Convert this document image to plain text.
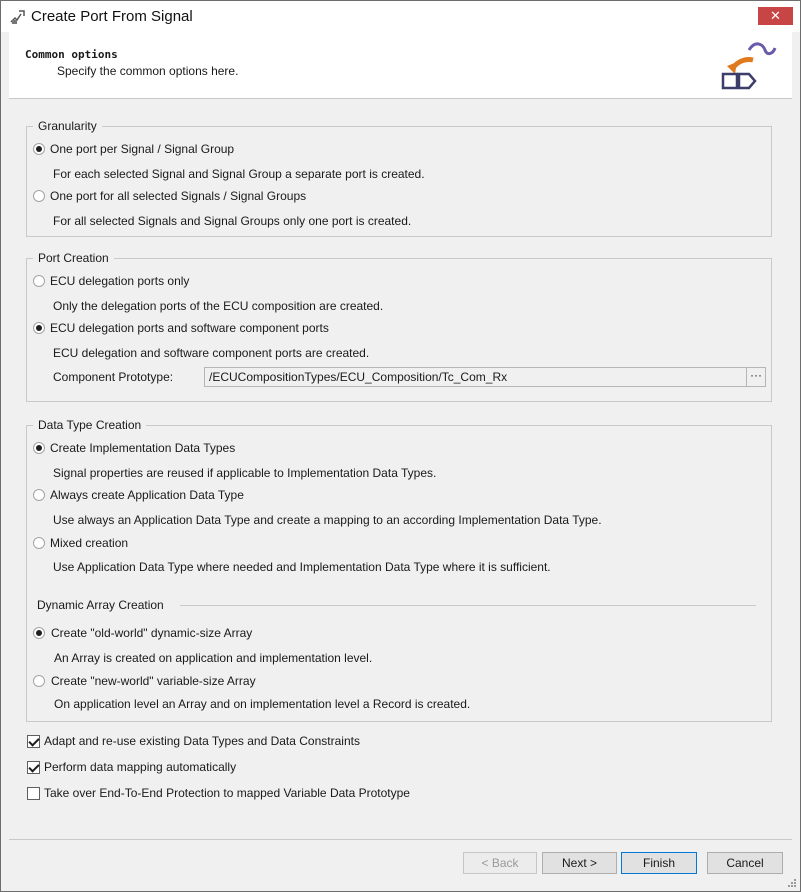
Create Port From Signal	✕
Common options
Specify the common options here.
Granularity
One port per Signal / Signal Group
For each selected Signal and Signal Group a separate port is created.
One port for all selected Signals / Signal Groups
For all selected Signals and Signal Groups only one port is created.
Port Creation
ECU delegation ports only
Only the delegation ports of the ECU composition are created.
ECU delegation ports and software component ports
ECU delegation and software component ports are created.
Component Prototype:	/ECUCompositionTypes/ECU_Composition/Tc_Com_Rx	···
Data Type Creation
Create Implementation Data Types
Signal properties are reused if applicable to Implementation Data Types.
Always create Application Data Type
Use always an Application Data Type and create a mapping to an according Implementation Data Type.
Mixed creation
Use Application Data Type where needed and Implementation Data Type where it is sufficient.
Dynamic Array Creation
Create "old-world" dynamic-size Array
An Array is created on application and implementation level.
Create "new-world" variable-size Array
On application level an Array and on implementation level a Record is created.
Adapt and re-use existing Data Types and Data Constraints
Perform data mapping automatically
Take over End-To-End Protection to mapped Variable Data Prototype
< Back	Next >	Finish	Cancel
